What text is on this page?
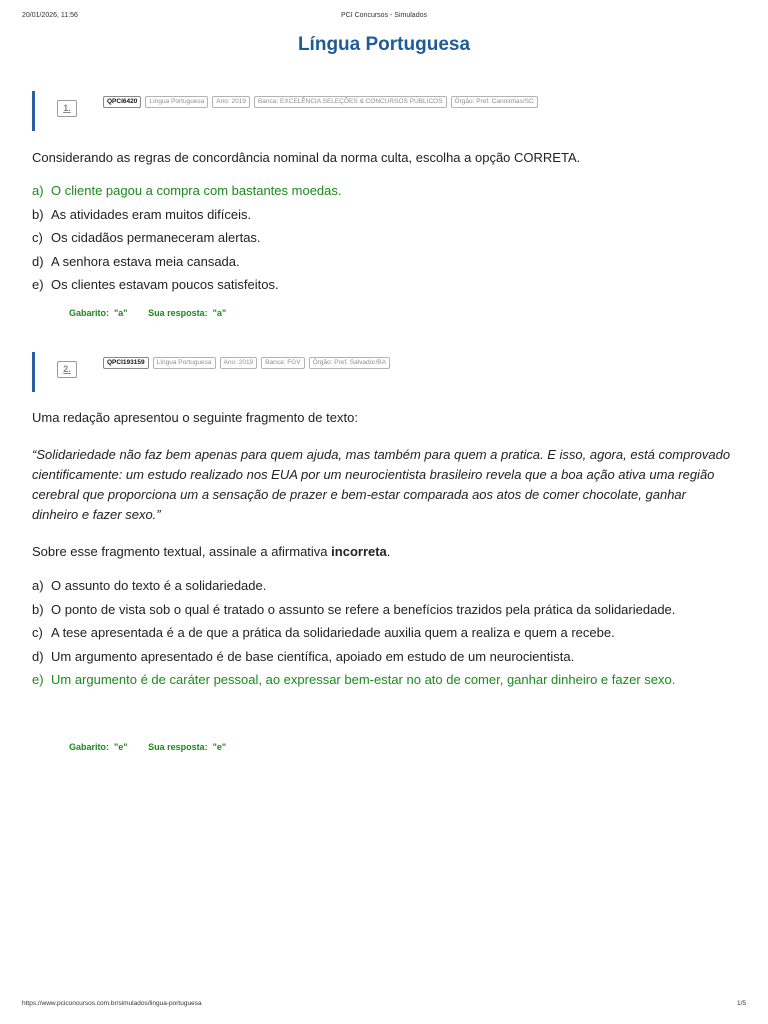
20/01/2026, 11:56	PCI Concursos - Simulados
Língua Portuguesa
1.
QPCI6420	Língua Portuguesa	Ano: 2019	Banca: EXCELÊNCIA SELEÇÕES & CONCURSOS PÚBLICOS	Órgão: Pref. Canoinhas/SC

Considerando as regras de concordância nominal da norma culta, escolha a opção CORRETA.

a) O cliente pagou a compra com bastantes moedas.
b) As atividades eram muitos difíceis.
c) Os cidadãos permaneceram alertas.
d) A senhora estava meia cansada.
e) Os clientes estavam poucos satisfeitos.
Gabarito: "a" Sua resposta: "a"
2.
QPCI193159	Língua Portuguesa	Ano: 2019	Banca: FGV	Órgão: Pref. Salvador/BA

Uma redação apresentou o seguinte fragmento de texto:

“Solidariedade não faz bem apenas para quem ajuda, mas também para quem a pratica. E isso, agora, está comprovado cientificamente: um estudo realizado nos EUA por um neurocientista brasileiro revela que a boa ação ativa uma região cerebral que proporciona um a sensação de prazer e bem-estar comparada aos atos de comer chocolate, ganhar dinheiro e fazer sexo.”

Sobre esse fragmento textual, assinale a afirmativa incorreta.

a) O assunto do texto é a solidariedade.
b) O ponto de vista sob o qual é tratado o assunto se refere a benefícios trazidos pela prática da solidariedade.
c) A tese apresentada é a de que a prática da solidariedade auxilia quem a realiza e quem a recebe.
d) Um argumento apresentado é de base científica, apoiado em estudo de um neurocientista.
e) Um argumento é de caráter pessoal, ao expressar bem-estar no ato de comer, ganhar dinheiro e fazer sexo.
Gabarito: "e" Sua resposta: "e"
https://www.pciconcursos.com.br/simulados/lingua-portuguesa	1/5
